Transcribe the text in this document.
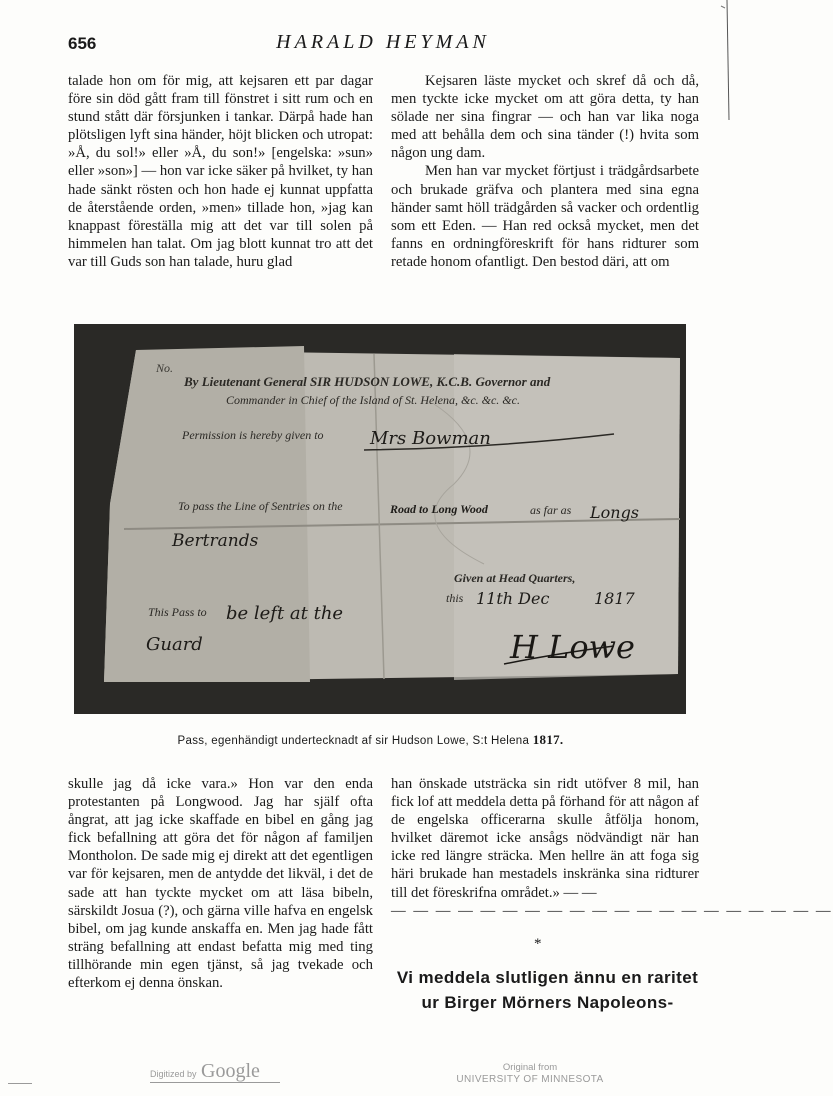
656	HARALD HEYMAN

talade hon om för mig, att kejsaren ett par dagar före sin död gått fram till fönstret i sitt rum och en stund stått där försjunken i tankar. Därpå hade han plötsligen lyft sina händer, höjt blicken och utropat: »Å, du sol!» eller »Å, du son!» [engelska: »sun» eller »son»] — hon var icke säker på hvilket, ty han hade sänkt rösten och hon hade ej kunnat uppfatta de återstående orden, »men» tillade hon, »jag kan knappast föreställa mig att det var till solen på himmelen han talat. Om jag blott kunnat tro att det var till Guds son han talade, huru glad

Kejsaren läste mycket och skref då och då, men tyckte icke mycket om att göra detta, ty han sölade ner sina fingrar — och han var lika noga med att behålla dem och sina tänder (!) hvita som någon ung dam.

Men han var mycket förtjust i trädgårdsarbete och brukade gräfva och plantera med sina egna händer samt höll trädgården så vacker och ordentlig som ett Eden. — Han red också mycket, men det fanns en ordningföreskrift för hans ridturer som retade honom ofantligt. Den bestod däri, att om

No.
By Lieutenant General SIR HUDSON LOWE, K.C.B. Governor and
Commander in Chief of the Island of St. Helena, &c. &c. &c.
Permission is hereby given to	Mrs Bowman
To pass the Line of Sentries on the	Road to Long Wood	as far as Longs
Bertrands
Given at Head Quarters,
this 11th Dec	1817
This Pass to be left at the
Guard	H Lowe
Pass, egenhändigt undertecknadt af sir Hudson Lowe, S:t Helena 1817.

skulle jag då icke vara.» Hon var den enda protestanten på Longwood. Jag har själf ofta ångrat, att jag icke skaffade en bibel en gång jag fick befallning att göra det för någon af familjen Montholon. De sade mig ej direkt att det egentligen var för kejsaren, men de antydde det likväl, i det de sade att han tyckte mycket om att läsa bibeln, särskildt Josua (?), och gärna ville hafva en engelsk bibel, om jag kunde anskaffa en. Men jag hade fått sträng befallning att endast befatta mig med ting tillhörande min egen tjänst, så jag tvekade och efterkom ej denna önskan.

han önskade utsträcka sin ridt utöfver 8 mil, han fick lof att meddela detta på förhand för att någon af de engelska officerarna skulle åtfölja honom, hvilket däremot icke ansågs nödvändigt när han icke red längre sträcka. Men hellre än att foga sig häri brukade han mestadels inskränka sina ridturer till det föreskrifna området.» — —

— — — — — — — — — — — — — — — — — — — —
*
Vi meddela slutligen ännu en raritet ur Birger Mörners Napoleons-
Digitized by Google	Original from
UNIVERSITY OF MINNESOTA
